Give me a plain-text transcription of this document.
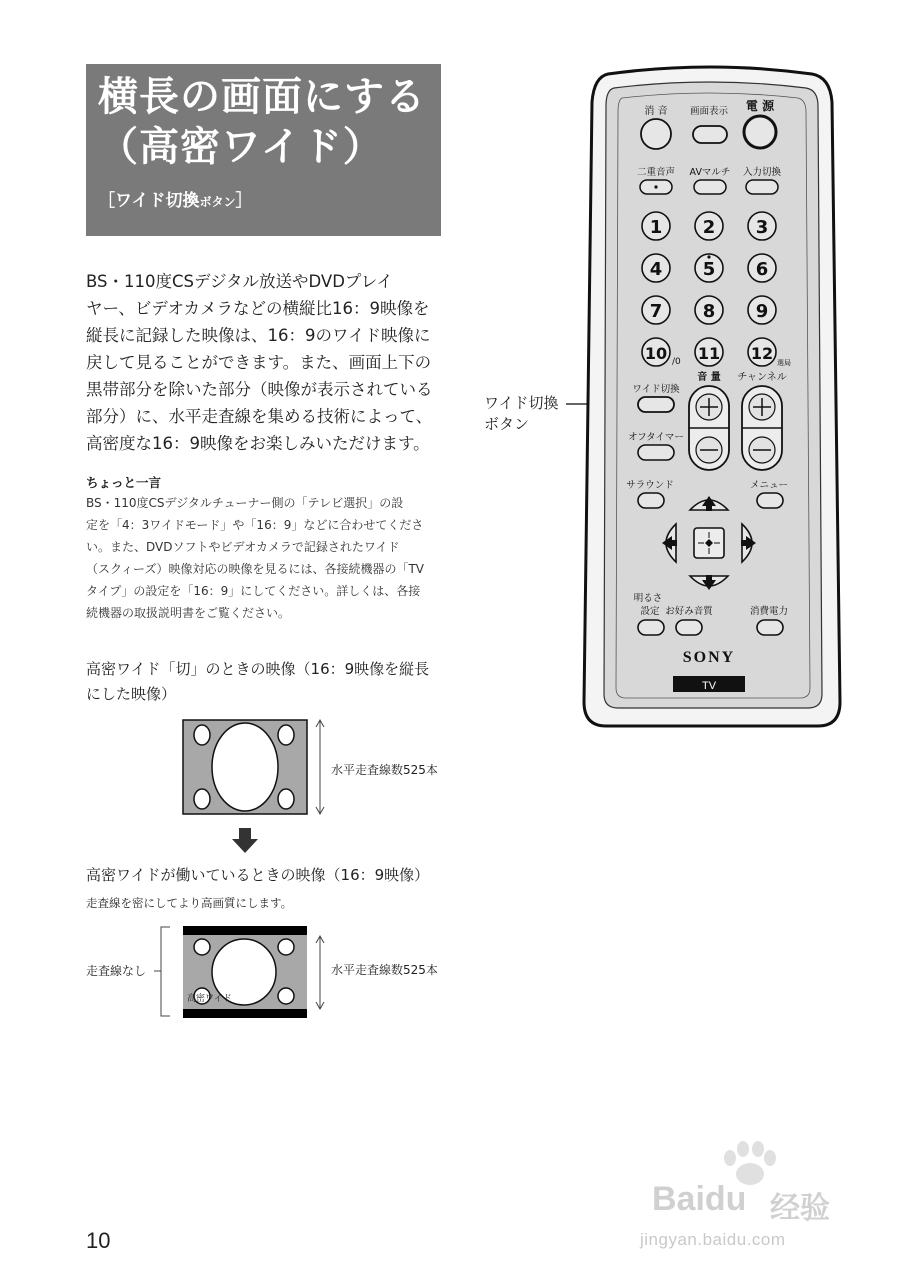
横長の画面にする
（高密ワイド）
［ワイド切換ボタン］
BS・110度CSデジタル放送やDVDプレイ
ヤー、ビデオカメラなどの横縦比16：9映像を
縦長に記録した映像は、16：9のワイド映像に
戻して見ることができます。また、画面上下の
黒帯部分を除いた部分（映像が表示されている
部分）に、水平走査線を集める技術によって、
高密度な16：9映像をお楽しみいただけます。
ちょっと一言
BS・110度CSデジタルチューナー側の「テレビ選択」の設
定を「4：3ワイドモード」や「16：9」などに合わせてくださ
い。また、DVDソフトやビデオカメラで記録されたワイド
（スクィーズ）映像対応の映像を見るには、各接続機器の「TV
タイプ」の設定を「16：9」にしてください。詳しくは、各接
続機器の取扱説明書をご覧ください。
高密ワイド「切」のときの映像（16：9映像を縦長
にした映像）
水平走査線数525本
高密ワイドが働いているときの映像（16：9映像）
走査線を密にしてより高画質にします。
高密ワイド
走査線なし	水平走査線数525本
ワイド切換
ボタン
消 音 画面表示 電 源
二重音声 AVマルチ 入力切換
1 2 3
4 5 6
7 8 9
10 /0 11 12 選局
ワイド切換
音 量 チャンネル
オフタイマー
サラウンド	メニュー
明るさ
設定 お好み音質	消費電力
SONY
TV
10
Baidu 经验
jingyan.baidu.com
